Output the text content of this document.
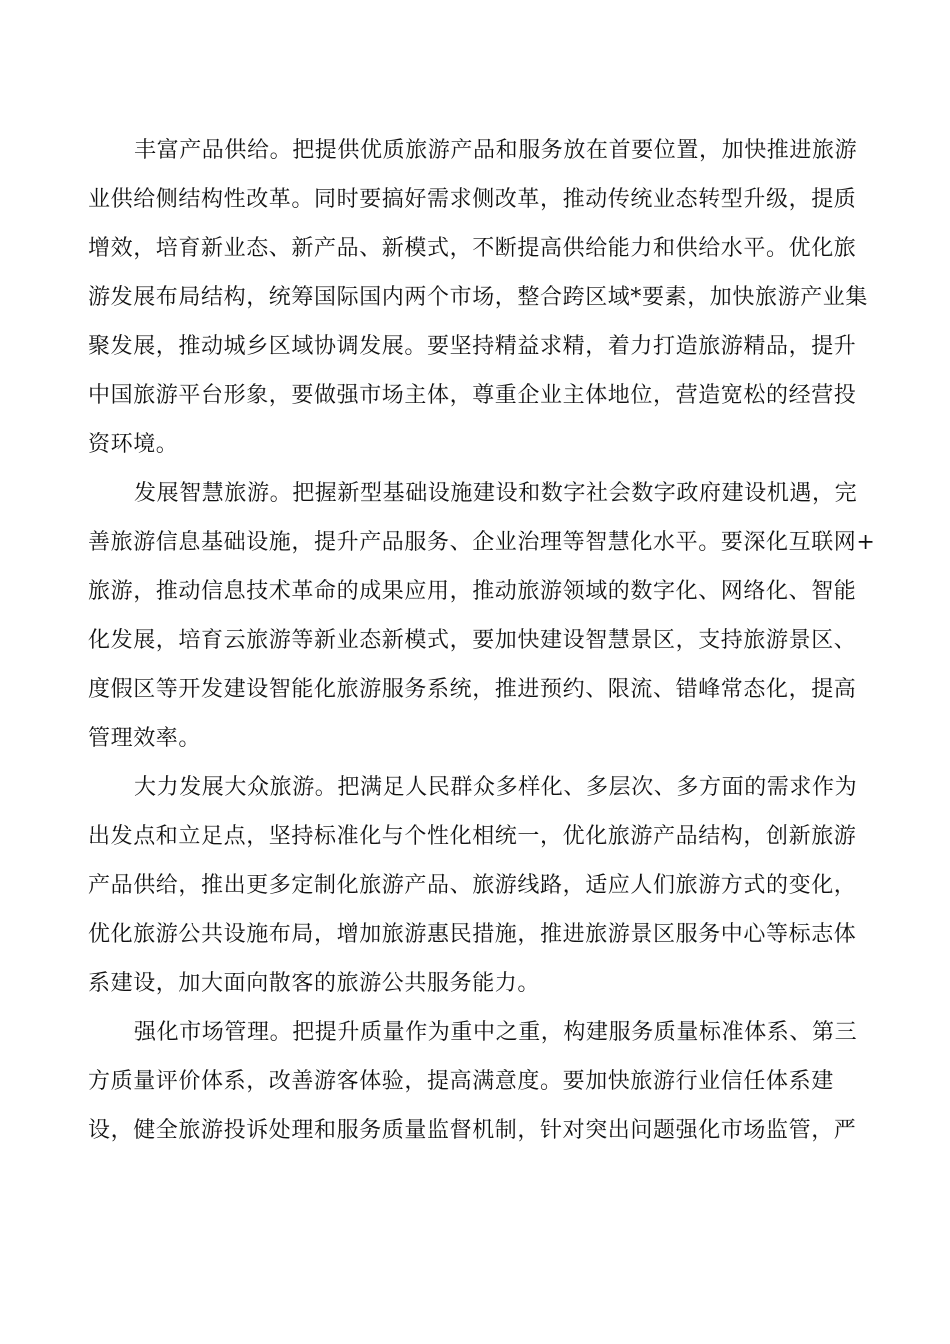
丰富产品供给。把提供优质旅游产品和服务放在首要位置，加快推进旅游
业供给侧结构性改革。同时要搞好需求侧改革，推动传统业态转型升级，提质
增效，培育新业态、新产品、新模式，不断提高供给能力和供给水平。优化旅
游发展布局结构，统筹国际国内两个市场，整合跨区域*要素，加快旅游产业集
聚发展，推动城乡区域协调发展。要坚持精益求精，着力打造旅游精品，提升
中国旅游平台形象，要做强市场主体，尊重企业主体地位，营造宽松的经营投
资环境。
发展智慧旅游。把握新型基础设施建设和数字社会数字政府建设机遇，完
善旅游信息基础设施，提升产品服务、企业治理等智慧化水平。要深化互联网+
旅游，推动信息技术革命的成果应用，推动旅游领域的数字化、网络化、智能
化发展，培育云旅游等新业态新模式，要加快建设智慧景区，支持旅游景区、
度假区等开发建设智能化旅游服务系统，推进预约、限流、错峰常态化，提高
管理效率。
大力发展大众旅游。把满足人民群众多样化、多层次、多方面的需求作为
出发点和立足点，坚持标准化与个性化相统一，优化旅游产品结构，创新旅游
产品供给，推出更多定制化旅游产品、旅游线路，适应人们旅游方式的变化，
优化旅游公共设施布局，增加旅游惠民措施，推进旅游景区服务中心等标志体
系建设，加大面向散客的旅游公共服务能力。
强化市场管理。把提升质量作为重中之重，构建服务质量标准体系、第三
方质量评价体系，改善游客体验，提高满意度。要加快旅游行业信任体系建
设，健全旅游投诉处理和服务质量监督机制，针对突出问题强化市场监管，严
